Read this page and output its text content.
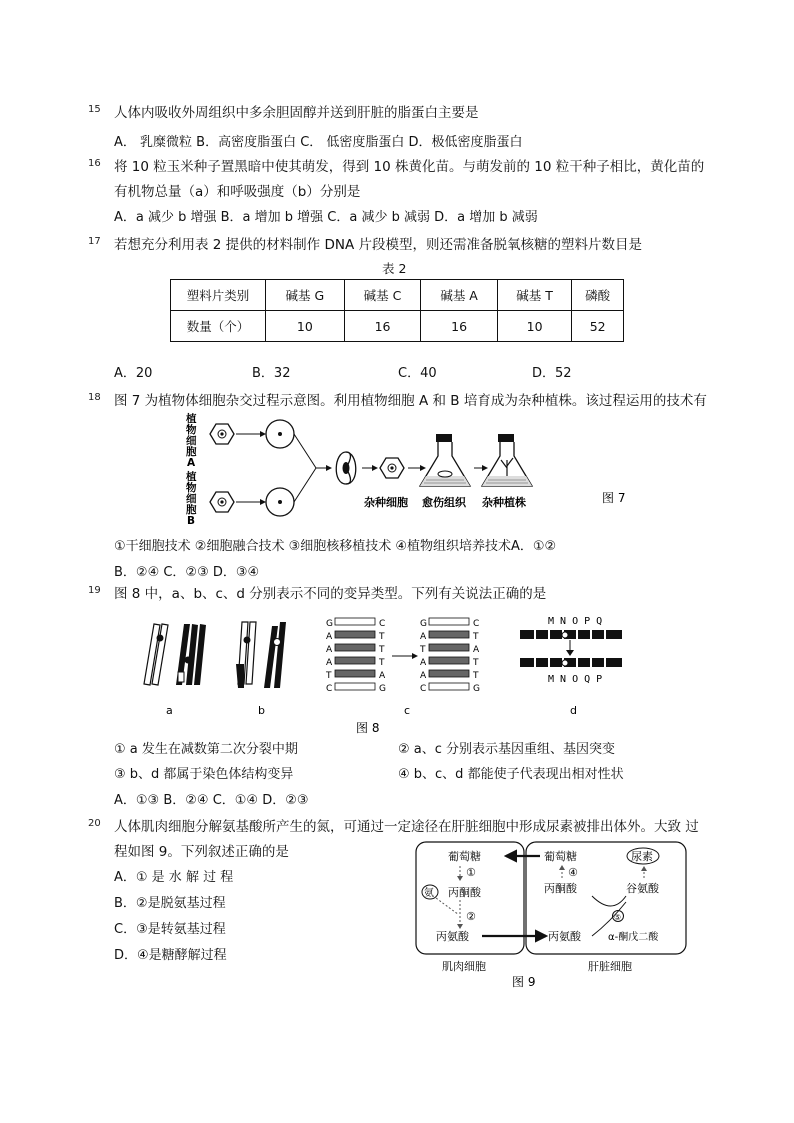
15 人体内吸收外周组织中多余胆固醇并送到肝脏的脂蛋白主要是
A． 乳糜微粒 B．高密度脂蛋白 C． 低密度脂蛋白 D．极低密度脂蛋白
16 将 10 粒玉米种子置黑暗中使其萌发，得到 10 株黄化苗。与萌发前的 10 粒干种子相比，黄化苗的
有机物总量（a）和呼吸强度（b）分别是
A．a 减少 b 增强 B．a 增加 b 增强 C．a 减少 b 减弱 D．a 增加 b 减弱
17 若想充分利用表 2 提供的材料制作 DNA 片段模型，则还需准备脱氧核糖的塑料片数目是
表 2
塑料片类别	碱基 G	碱基 C	碱基 A	碱基 T	磷酸
数量（个）	10	16	16	10	52
A．20	B．32	C．40	D．52
18 图 7 为植物体细胞杂交过程示意图。利用植物细胞 A 和 B 培育成为杂种植株。该过程运用的技术有
植物细胞 A
植物细胞 B
杂种细胞 愈伤组织 杂种植株	图 7
①干细胞技术 ②细胞融合技术 ③细胞核移植技术 ④植物组织培养技术A．①②
B．②④ C．②③ D．③④
19 图 8 中，a、b、c、d 分别表示不同的变异类型。下列有关说法正确的是
G	C
A	T
A	T
A	T
T	A
C	G
G	C
A	T
T	A
A	T
A	T
C	G
M N O P Q
M N O Q P
a	b	c	d
图 8
① a 发生在减数第二次分裂中期	② a、c 分别表示基因重组、基因突变
③ b、d 都属于染色体结构变异	④ b、c、d 都能使子代表现出相对性状
A．①③ B．②④ C．①④ D．②③
20 人体肌肉细胞分解氨基酸所产生的氮，可通过一定途径在肝脏细胞中形成尿素被排出体外。大致 过
程如图 9。下列叙述正确的是
A．① 是 水 解 过 程
B．②是脱氨基过程
C．③是转氨基过程
D．④是糖酵解过程
葡萄糖
①
氨 丙酮酸
②
丙氨酸
葡萄糖
④
丙酮酸
尿素
谷氨酸
⑤
丙氨酸	α-酮戊二酸
肌肉细胞	肝脏细胞
图 9
